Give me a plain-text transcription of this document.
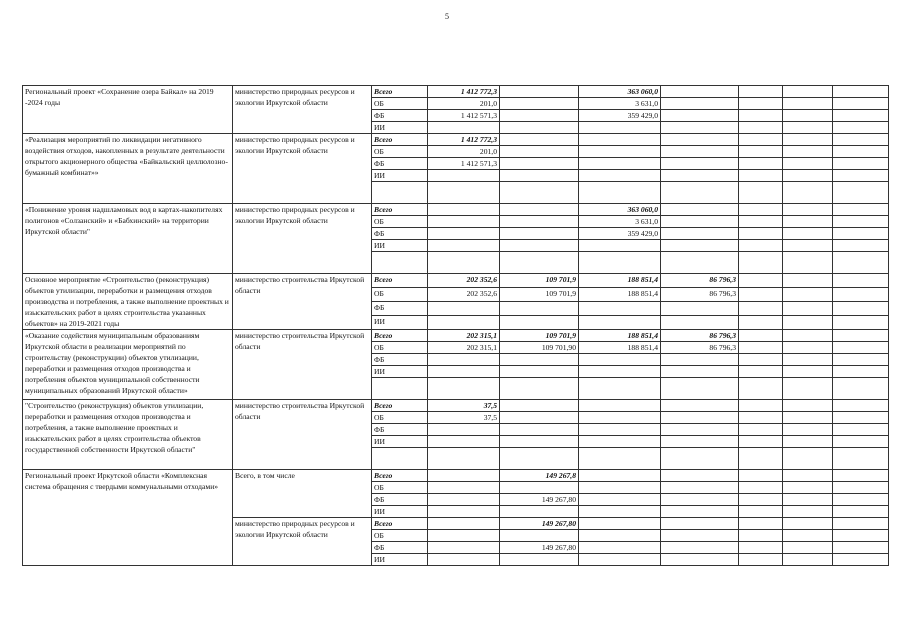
5
Региональный проект «Сохранение озера Байкал» на 2019 -2024 годы	министерство природных ресурсов и экологии Иркутской области	Всего	1 412 772,3		363 060,0				
		ОБ	201,0		3 631,0				
		ФБ	1 412 571,3		359 429,0				
		ИИ							
«Реализация мероприятий по ликвидации негативного воздействия отходов, накопленных в результате деятельности открытого акционерного общества «Байкальский целлюлозно-бумажный комбинат»»	министерство природных ресурсов и экологии Иркутской области	Всего	1 412 772,3						
		ОБ	201,0						
		ФБ	1 412 571,3						
		ИИ							

«Понижение уровня надшламовых вод в картах-накопителях полигонов «Солзанский» и «Бабхинский» на территории Иркутской области"	министерство природных ресурсов и экологии Иркутской области	Всего			363 060,0				
		ОБ			3 631,0				
		ФБ			359 429,0				
		ИИ							

Основное мероприятие «Строительство (реконструкция) объектов утилизации, переработки и размещения отходов производства и потребления, а также выполнение проектных и изыскательских работ в целях строительства указанных объектов» на 2019-2021 годы	министерство строительства Иркутской области	Всего	202 352,6	109 701,9	188 851,4	86 796,3			
		ОБ	202 352,6	109 701,9	188 851,4	86 796,3			
		ФБ							
		ИИ							
«Оказание содействия муниципальным образованиям Иркутской области в реализации мероприятий по строительству (реконструкции) объектов утилизации, переработки и размещения отходов производства и потребления объектов муниципальной собственности муниципальных образований Иркутской области»	министерство строительства Иркутской области	Всего	202 315,1	109 701,9	188 851,4	86 796,3			
		ОБ	202 315,1	109 701,90	188 851,4	86 796,3			
		ФБ							
		ИИ							

"Строительство (реконструкция) объектов утилизации, переработки и размещения отходов производства и потребления, а также выполнение проектных и изыскательских работ в целях строительства объектов государственной собственности Иркутской области"	министерство строительства Иркутской области	Всего	37,5						
		ОБ	37,5						
		ФБ							
		ИИ							

Региональный проект Иркутской области «Комплексная система обращения с твердыми коммунальными отходами»	Всего, в том числе	Всего		149 267,8					
		ОБ							
		ФБ		149 267,80					
		ИИ							
	министерство природных ресурсов и экологии Иркутской области	Всего		149 267,80					
		ОБ							
		ФБ		149 267,80					
		ИИ							
